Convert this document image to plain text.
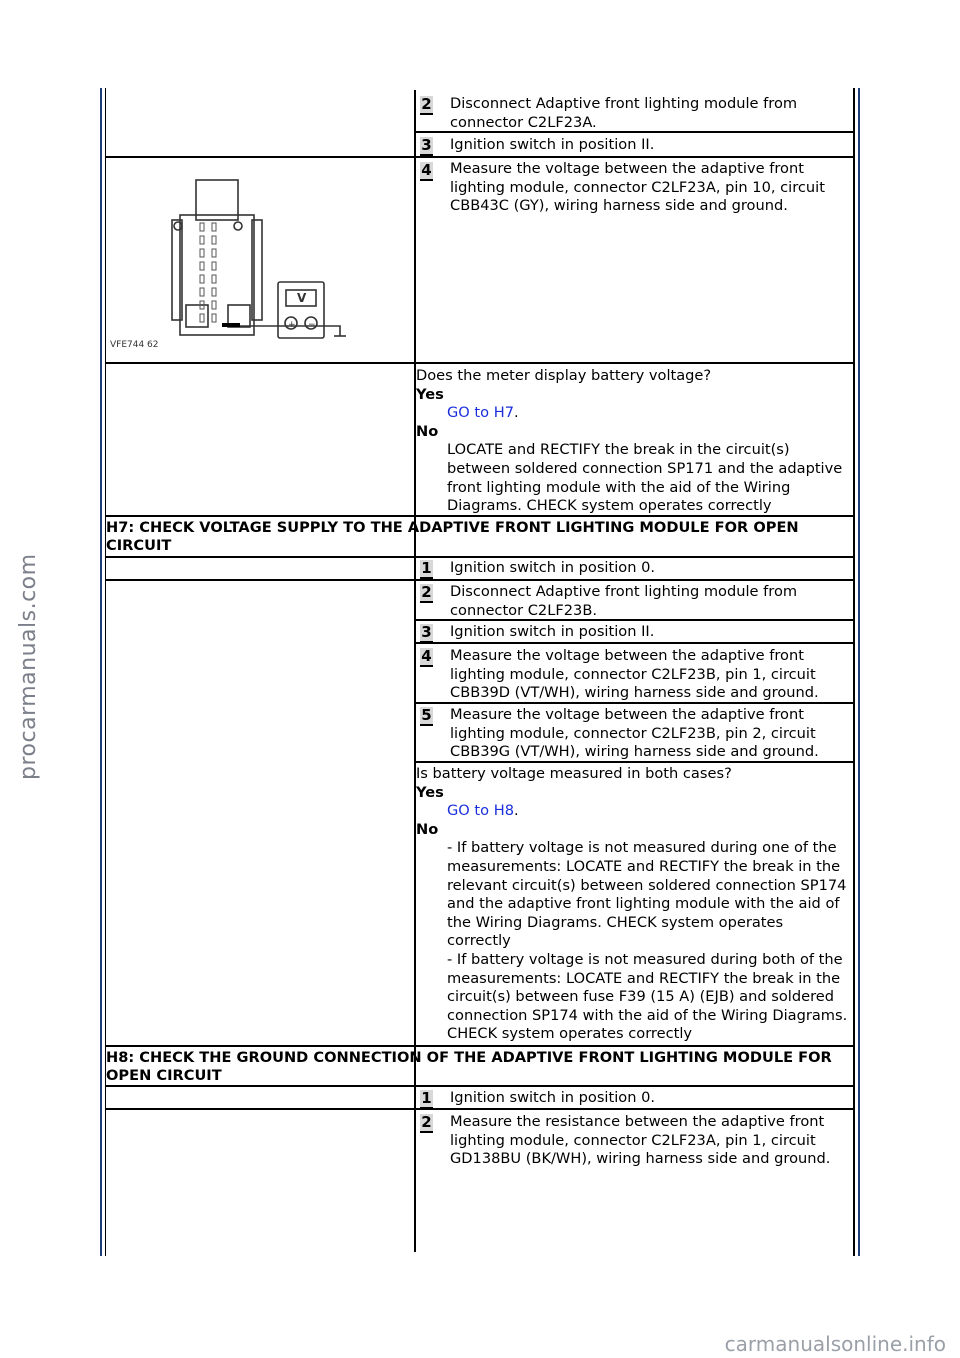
V
+ −
VFE744 62
2 Disconnect Adaptive front lighting module from connector C2LF23A.
3 Ignition switch in position II.
4 Measure the voltage between the adaptive front lighting module, connector C2LF23A, pin 10, circuit CBB43C (GY), wiring harness side and ground.
Does the meter display battery voltage?
Yes
GO to H7.
No
LOCATE and RECTIFY the break in the circuit(s) between soldered connection SP171 and the adaptive front lighting module with the aid of the Wiring Diagrams. CHECK system operates correctly
H7: CHECK VOLTAGE SUPPLY TO THE ADAPTIVE FRONT LIGHTING MODULE FOR OPEN CIRCUIT
1 Ignition switch in position 0.
2 Disconnect Adaptive front lighting module from connector C2LF23B.
3 Ignition switch in position II.
4 Measure the voltage between the adaptive front lighting module, connector C2LF23B, pin 1, circuit CBB39D (VT/WH), wiring harness side and ground.
5 Measure the voltage between the adaptive front lighting module, connector C2LF23B, pin 2, circuit CBB39G (VT/WH), wiring harness side and ground.
Is battery voltage measured in both cases?
Yes
GO to H8.
No
- If battery voltage is not measured during one of the measurements: LOCATE and RECTIFY the break in the relevant circuit(s) between soldered connection SP174 and the adaptive front lighting module with the aid of the Wiring Diagrams. CHECK system operates correctly
- If battery voltage is not measured during both of the measurements: LOCATE and RECTIFY the break in the circuit(s) between fuse F39 (15 A) (EJB) and soldered connection SP174 with the aid of the Wiring Diagrams. CHECK system operates correctly
H8: CHECK THE GROUND CONNECTION OF THE ADAPTIVE FRONT LIGHTING MODULE FOR OPEN CIRCUIT
1 Ignition switch in position 0.
2 Measure the resistance between the adaptive front lighting module, connector C2LF23A, pin 1, circuit GD138BU (BK/WH), wiring harness side and ground.
procarmanuals.com
carmanualsonline.info
